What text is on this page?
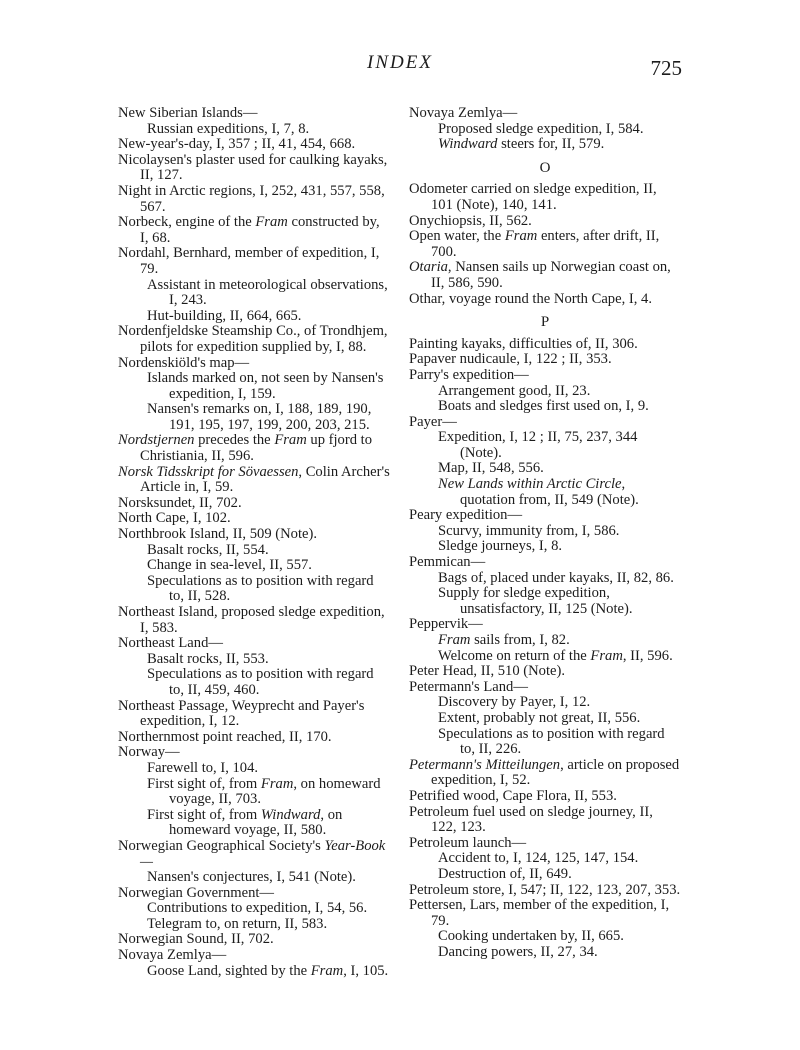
INDEX	725
New Siberian Islands—
Russian expeditions, I, 7, 8.
New-year's-day, I, 357 ; II, 41, 454, 668.
Nicolaysen's plaster used for caulking kayaks, II, 127.
Night in Arctic regions, I, 252, 431, 557, 558, 567.
Norbeck, engine of the Fram constructed by, I, 68.
Nordahl, Bernhard, member of expedition, I, 79.
Assistant in meteorological observations, I, 243.
Hut-building, II, 664, 665.
Nordenfjeldske Steamship Co., of Trondhjem, pilots for expedition supplied by, I, 88.
Nordenskiöld's map—
Islands marked on, not seen by Nansen's expedition, I, 159.
Nansen's remarks on, I, 188, 189, 190, 191, 195, 197, 199, 200, 203, 215.
Nordstjernen precedes the Fram up fjord to Christiania, II, 596.
Norsk Tidsskript for Sövaessen, Colin Archer's Article in, I, 59.
Norsksundet, II, 702.
North Cape, I, 102.
Northbrook Island, II, 509 (Note).
Basalt rocks, II, 554.
Change in sea-level, II, 557.
Speculations as to position with regard to, II, 528.
Northeast Island, proposed sledge expedition, I, 583.
Northeast Land—
Basalt rocks, II, 553.
Speculations as to position with regard to, II, 459, 460.
Northeast Passage, Weyprecht and Payer's expedition, I, 12.
Northernmost point reached, II, 170.
Norway—
Farewell to, I, 104.
First sight of, from Fram, on homeward voyage, II, 703.
First sight of, from Windward, on homeward voyage, II, 580.
Norwegian Geographical Society's Year-Book—
Nansen's conjectures, I, 541 (Note).
Norwegian Government—
Contributions to expedition, I, 54, 56.
Telegram to, on return, II, 583.
Norwegian Sound, II, 702.
Novaya Zemlya—
Goose Land, sighted by the Fram, I, 105.
Novaya Zemlya—
Proposed sledge expedition, I, 584.
Windward steers for, II, 579.
O
Odometer carried on sledge expedition, II, 101 (Note), 140, 141.
Onychiopsis, II, 562.
Open water, the Fram enters, after drift, II, 700.
Otaria, Nansen sails up Norwegian coast on, II, 586, 590.
Othar, voyage round the North Cape, I, 4.
P
Painting kayaks, difficulties of, II, 306.
Papaver nudicaule, I, 122 ; II, 353.
Parry's expedition—
Arrangement good, II, 23.
Boats and sledges first used on, I, 9.
Payer—
Expedition, I, 12 ; II, 75, 237, 344 (Note).
Map, II, 548, 556.
New Lands within Arctic Circle, quotation from, II, 549 (Note).
Peary expedition—
Scurvy, immunity from, I, 586.
Sledge journeys, I, 8.
Pemmican—
Bags of, placed under kayaks, II, 82, 86.
Supply for sledge expedition, unsatisfactory, II, 125 (Note).
Peppervik—
Fram sails from, I, 82.
Welcome on return of the Fram, II, 596.
Peter Head, II, 510 (Note).
Petermann's Land—
Discovery by Payer, I, 12.
Extent, probably not great, II, 556.
Speculations as to position with regard to, II, 226.
Petermann's Mitteilungen, article on proposed expedition, I, 52.
Petrified wood, Cape Flora, II, 553.
Petroleum fuel used on sledge journey, II, 122, 123.
Petroleum launch—
Accident to, I, 124, 125, 147, 154.
Destruction of, II, 649.
Petroleum store, I, 547; II, 122, 123, 207, 353.
Pettersen, Lars, member of the expedition, I, 79.
Cooking undertaken by, II, 665.
Dancing powers, II, 27, 34.
